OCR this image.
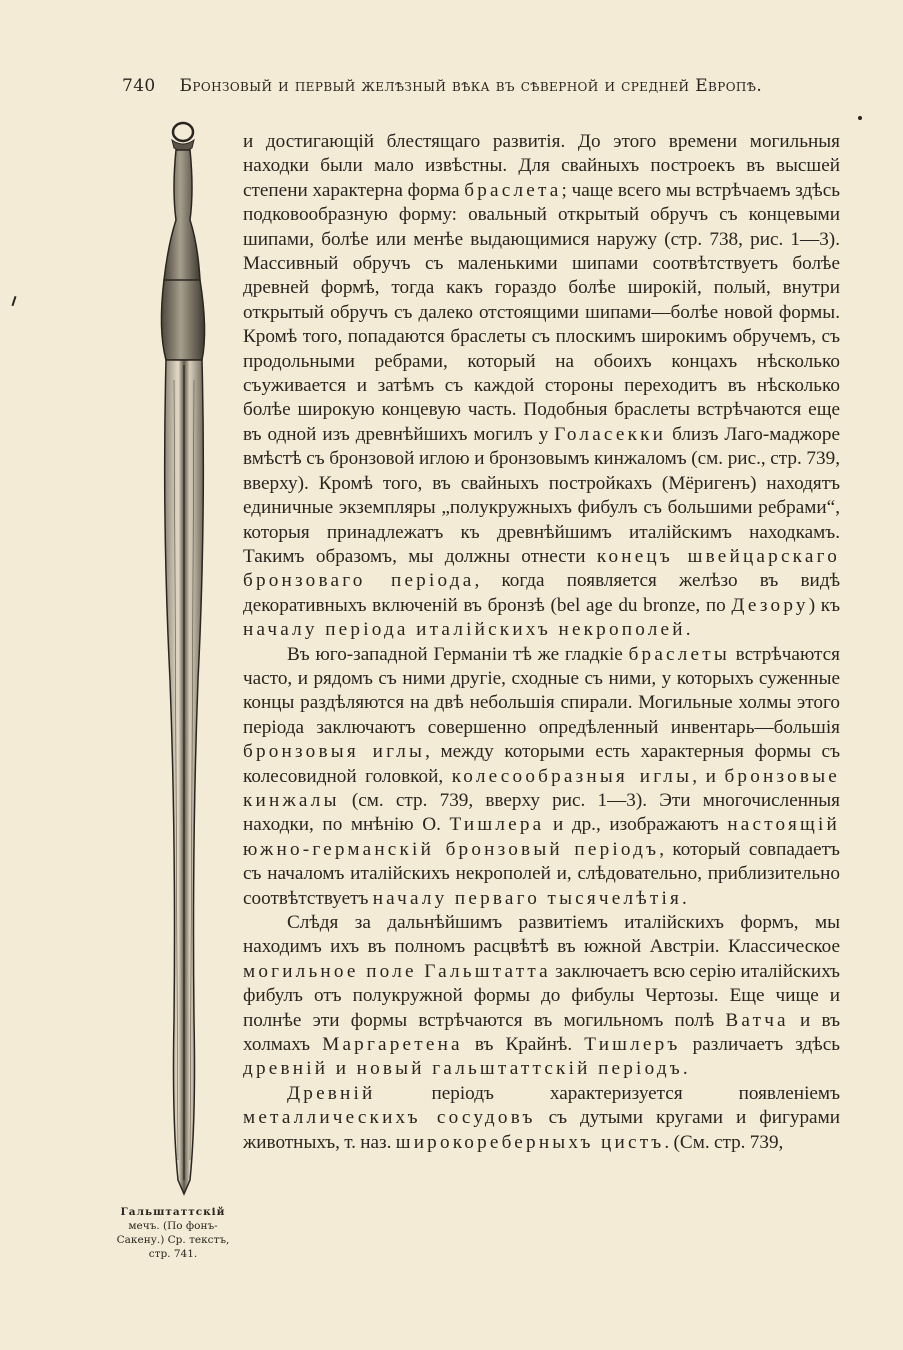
740 Бронзовый и первый желѣзный вѣка въ сѣверной и средней Европѣ.
Гальштаттскій мечъ. (По фонъ-Сакену.) Ср. текстъ, стр. 741.

и достигающій блестящаго развитія. До этого времени могильныя находки были мало извѣстны. Для свайныхъ построекъ въ высшей степени характерна форма браслета; чаще всего мы встрѣчаемъ здѣсь подковообразную форму: овальный открытый обручъ съ концевыми шипами, болѣе или менѣе выдающимися наружу (стр. 738, рис. 1—3). Массивный обручъ съ маленькими шипами соотвѣтствуетъ болѣе древней формѣ, тогда какъ гораздо болѣе широкій, полый, внутри открытый обручъ съ далеко отстоящими шипами—болѣе новой формы. Кромѣ того, попадаются браслеты съ плоскимъ широкимъ обручемъ, съ продольными ребрами, который на обоихъ концахъ нѣсколько съуживается и затѣмъ съ каждой стороны переходитъ въ нѣсколько болѣе широкую концевую часть. Подобныя браслеты встрѣчаются еще въ одной изъ древнѣйшихъ могилъ у Голасекки близъ Лаго-маджоре вмѣстѣ съ бронзовой иглою и бронзовымъ кинжаломъ (см. рис., стр. 739, вверху). Кромѣ того, въ свайныхъ постройкахъ (Мёригенъ) находятъ единичные экземпляры „полукружныхъ фибулъ съ большими ребрами“, которыя принадлежатъ къ древнѣйшимъ италійскимъ находкамъ. Такимъ образомъ, мы должны отнести конецъ швейцарскаго бронзоваго періода, когда появляется желѣзо въ видѣ декоративныхъ включеній въ бронзѣ (bel age du bronze, по Дезору) къ началу періода италійскихъ некрополей.

Въ юго-западной Германіи тѣ же гладкіе браслеты встрѣчаются часто, и рядомъ съ ними другіе, сходные съ ними, у которыхъ суженные концы раздѣляются на двѣ небольшія спирали. Могильные холмы этого періода заключаютъ совершенно опредѣленный инвентарь—большія бронзовыя иглы, между которыми есть характерныя формы съ колесовидной головкой, колесообразныя иглы, и бронзовые кинжалы (см. стр. 739, вверху рис. 1—3). Эти многочисленныя находки, по мнѣнію О. Тишлера и др., изображаютъ настоящій южно-германскій бронзовый періодъ, который совпадаетъ съ началомъ италійскихъ некрополей и, слѣдовательно, приблизительно соотвѣтствуетъ началу перваго тысячелѣтія.

Слѣдя за дальнѣйшимъ развитіемъ италійскихъ формъ, мы находимъ ихъ въ полномъ расцвѣтѣ въ южной Австріи. Классическое могильное поле Гальштатта заключаетъ всю серію италійскихъ фибулъ отъ полукружной формы до фибулы Чертозы. Еще чище и полнѣе эти формы встрѣчаются въ могильномъ полѣ Ватча и въ холмахъ Маргаретена въ Крайнѣ. Тишлеръ различаетъ здѣсь древній и новый гальштаттскій періодъ.

Древній періодъ характеризуется появленіемъ металлическихъ сосудовъ съ дутыми кругами и фигурами животныхъ, т. наз. широкореберныхъ цистъ. (См. стр. 739,
